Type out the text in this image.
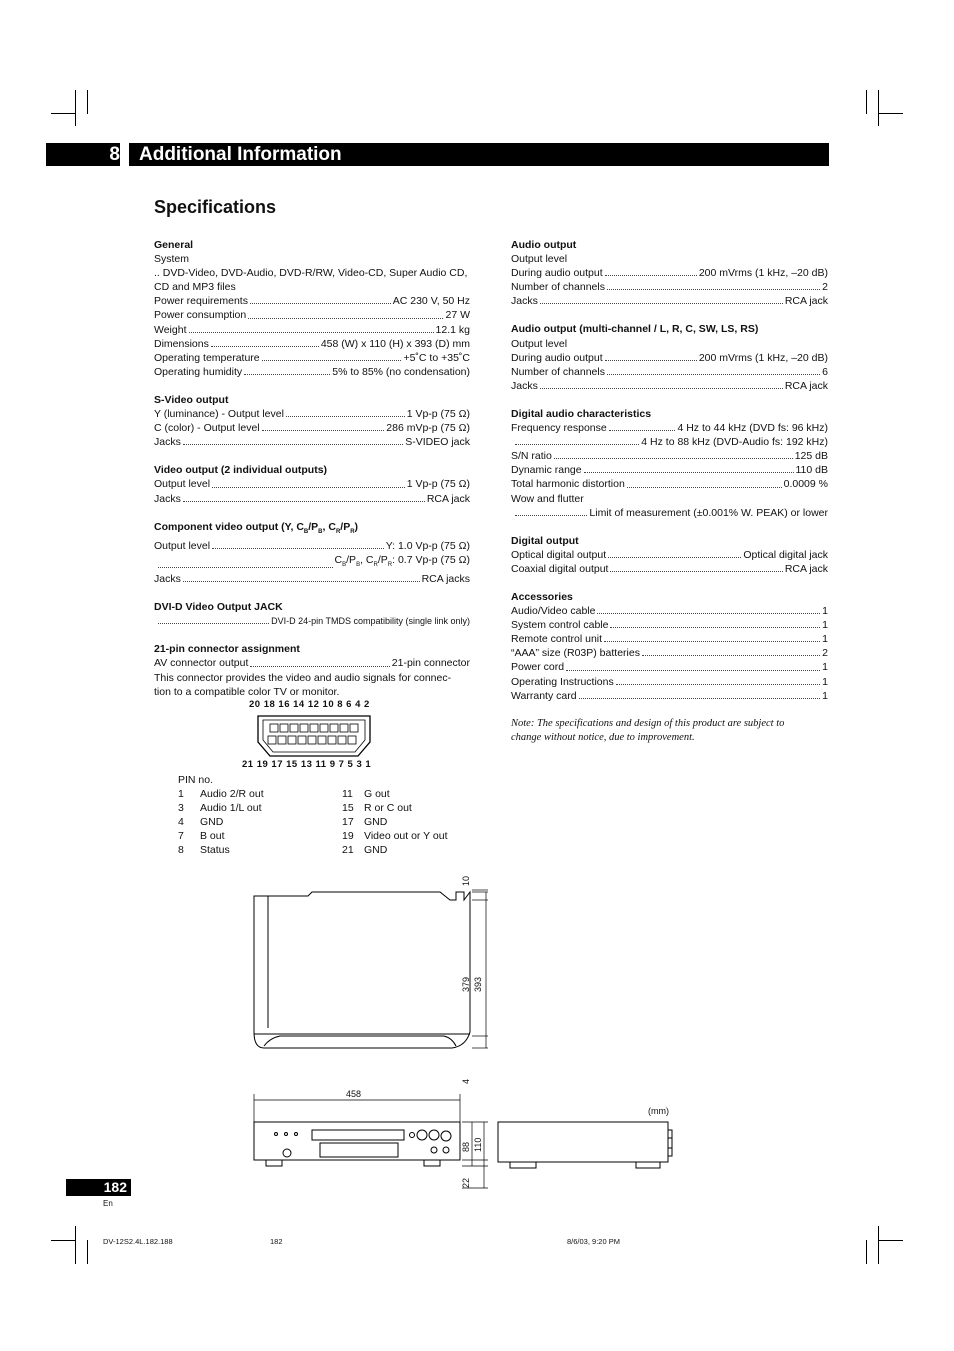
8 Additional Information
Specifications
General
System
.. DVD-Video, DVD-Audio, DVD-R/RW, Video-CD, Super Audio CD, CD and MP3 files
Power requirements	AC 230 V, 50 Hz
Power consumption	27 W
Weight	12.1 kg
Dimensions	458 (W) x 110 (H) x 393 (D) mm
Operating temperature	+5˚C to +35˚C
Operating humidity	5% to 85% (no condensation)
S-Video output
Y (luminance) - Output level	1 Vp-p (75 Ω)
C (color) - Output level	286 mVp-p (75 Ω)
Jacks	S-VIDEO jack
Video output (2 individual outputs)
Output level	1 Vp-p (75 Ω)
Jacks	RCA jack
Component video output (Y, $C_B/P_B$, $C_R/P_R$)
Output level	Y: 1.0 Vp-p (75 Ω)
$C_B/P_B$, $C_R/P_R$: 0.7 Vp-p (75 Ω)
Jacks	RCA jacks
DVI-D Video Output JACK
DVI-D 24-pin TMDS compatibility (single link only)
21-pin connector assignment
AV connector output	21-pin connector
This connector provides the video and audio signals for connec-tion to a compatible color TV or monitor.
20 18 16 14 12 10 8 6 4 2
21 19 17 15 13 11 9 7 5 3 1
PIN no.
1	Audio 2/R out	11	G out
3	Audio 1/L out	15 R or C out
4	GND	17 GND
7	B out	19 Video out or Y out
8	Status	21 GND
Audio output
Output level
During audio output	200 mVrms (1 kHz, –20 dB)
Number of channels	2
Jacks	RCA jack
Audio output (multi-channel / L, R, C, SW, LS, RS)
Output level
During audio output	200 mVrms (1 kHz, –20 dB)
Number of channels	6
Jacks	RCA jack
Digital audio characteristics
Frequency response	4 Hz to 44 kHz (DVD fs: 96 kHz)
4 Hz to 88 kHz (DVD-Audio fs: 192 kHz)
S/N ratio	125 dB
Dynamic range	110 dB
Total harmonic distortion	0.0009 %
Wow and flutter
Limit of measurement (±0.001% W. PEAK) or lower
Digital output
Optical digital output	Optical digital jack
Coaxial digital output	RCA jack
Accessories
Audio/Video cable	1
System control cable	1
Remote control unit	1
“AAA” size (R03P) batteries	2
Power cord	1
Operating Instructions	1
Warranty card	1
Note: The specifications and design of this product are subject to change without notice, due to improvement.
10
379 393
4
458
88 110
22
(mm)
182
En
DV-12S2.4L.182.188	182	8/6/03, 9:20 PM
